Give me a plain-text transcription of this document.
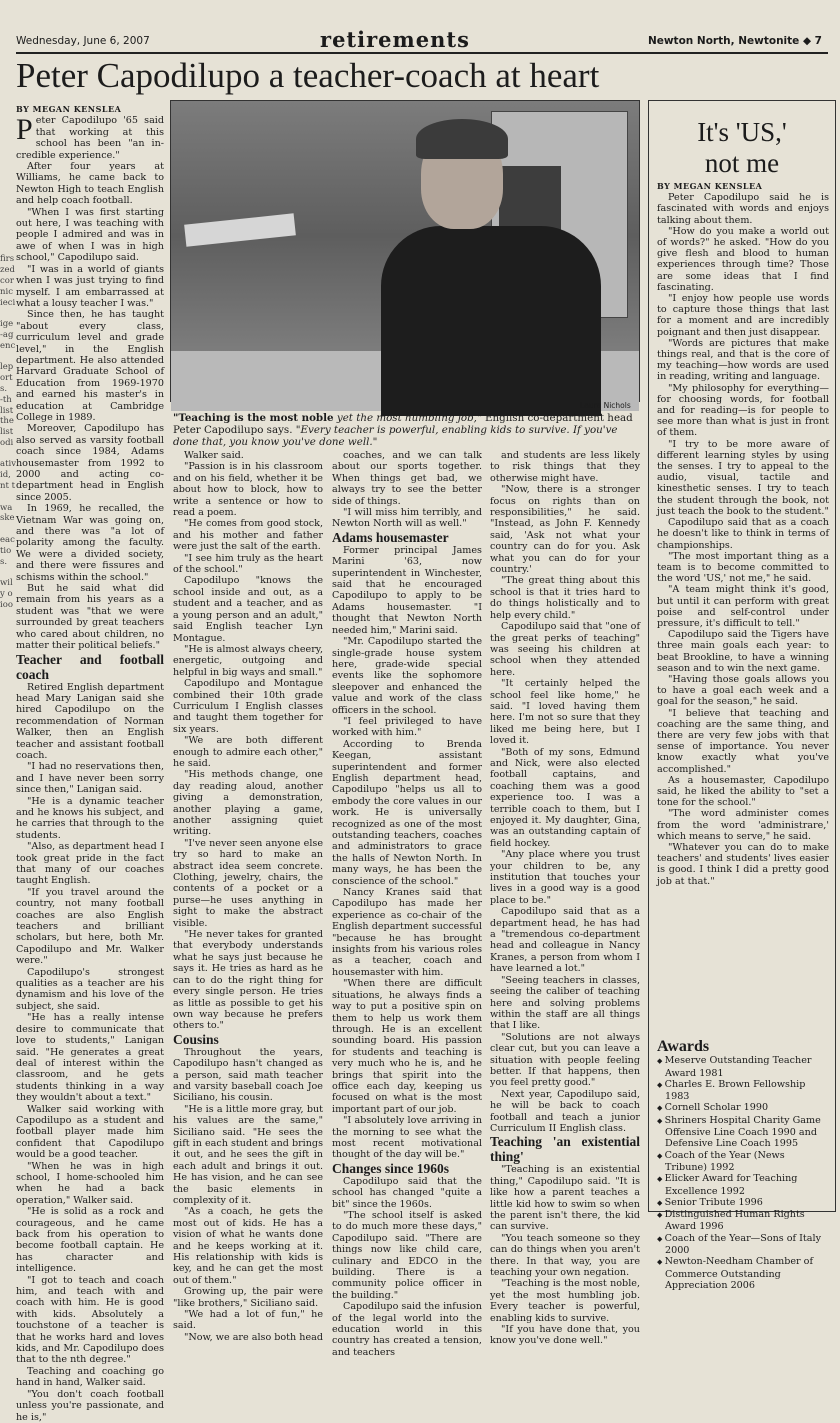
firs
zed
cor
nic
ieci

ige
-ag
enc

lep
ort
s.
-th
list
the
list
odi

ativ
id,
nt t

wa
ske

eac
tio
s.

wil
y o
ioo
Wednesday, June 6, 2007	retirements	Newton North, Newtonite ◆ 7
Peter Capodilupo a teacher-coach at heart

BY MEGAN KENSLEA

Peter Capodilupo '65 said that working at this school has been "an in-credible experience."

After four years at Williams, he came back to Newton High to teach English and help coach football.

"When I was first starting out here, I was teaching with people I admired and was in awe of when I was in high school," Capodilupo said.

"I was in a world of giants when I was just trying to find myself. I am embarrassed at what a lousy teacher I was."

Since then, he has taught "about every class, curriculum level and grade level," in the English department. He also attended Harvard Graduate School of Education from 1969-1970 and earned his master's in education at Cambridge College in 1989.

Moreover, Capodilupo has also served as varsity football coach since 1984, Adams housemaster from 1992 to 2000 and acting co-department head in English since 2005.

In 1969, he recalled, the Vietnam War was going on, and there was "a lot of polarity among the faculty. We were a divided society, and there were fissures and schisms within the school."

But he said what did remain from his years as a student was "that we were surrounded by great teachers who cared about children, no matter their political beliefs."

Teacher and football coach

Retired English department head Mary Lanigan said she hired Capodilupo on the recommendation of Norman Walker, then an English teacher and assistant football coach.

"I had no reservations then, and I have never been sorry since then," Lanigan said.

"He is a dynamic teacher and he knows his subject, and he carries that through to the students.

"Also, as department head I took great pride in the fact that many of our coaches taught English.

"If you travel around the country, not many football coaches are also English teachers and brilliant scholars, but here, both Mr. Capodilupo and Mr. Walker were."

Capodilupo's strongest qualities as a teacher are his dynamism and his love of the subject, she said.

"He has a really intense desire to communicate that love to students," Lanigan said. "He generates a great deal of interest within the classroom, and he gets students thinking in a way they wouldn't about a text."

Walker said working with Capodilupo as a student and football player made him confident that Capodilupo would be a good teacher.

"When he was in high school, I home-schooled him when he had a back operation," Walker said.

"He is solid as a rock and courageous, and he came back from his operation to become football captain. He has character and intelligence.

"I got to teach and coach him, and teach with and coach with him. He is good with kids. Absolutely a touchstone of a teacher is that he works hard and loves kids, and Mr. Capodilupo does that to the nth degree."

Teaching and coaching go hand in hand, Walker said.

"You don't coach football unless you're passionate, and he is,"

Laura Nichols
"Teaching is the most noble yet the most humbling job," English co-department head Peter Capodilupo says. "Every teacher is powerful, enabling kids to survive. If you've done that, you know you've done well."

Walker said.

"Passion is in his classroom and on his field, whether it be about how to block, how to write a sentence or how to read a poem.

"He comes from good stock, and his mother and father were just the salt of the earth.

"I see him truly as the heart of the school."

Capodilupo "knows the school inside and out, as a student and a teacher, and as a young person and an adult," said English teacher Lyn Montague.

"He is almost always cheery, energetic, outgoing and helpful in big ways and small."

Capodilupo and Montague combined their 10th grade Curriculum I English classes and taught them together for six years.

"We are both different enough to admire each other," he said.

"His methods change, one day reading aloud, another giving a demonstration, another playing a game, another assigning quiet writing.

"I've never seen anyone else try so hard to make an abstract idea seem concrete. Clothing, jewelry, chairs, the contents of a pocket or a purse—he uses anything in sight to make the abstract visible.

"He never takes for granted that everybody understands what he says just because he says it. He tries as hard as he can to do the right thing for every single person. He tries as little as possible to get his own way because he prefers others to."

Cousins

Throughout the years, Capodilupo hasn't changed as a person, said math teacher and varsity baseball coach Joe Siciliano, his cousin.

"He is a little more gray, but his values are the same," Siciliano said. "He sees the gift in each student and brings it out, and he sees the gift in each adult and brings it out. He has vision, and he can see the basic elements in complexity of it.

"As a coach, he gets the most out of kids. He has a vision of what he wants done and he keeps working at it. His relationship with kids is key, and he can get the most out of them."

Growing up, the pair were "like brothers," Siciliano said.

"We had a lot of fun," he said.

"Now, we are also both head

coaches, and we can talk about our sports together. When things get bad, we always try to see the better side of things.

"I will miss him terribly, and Newton North will as well."

Adams housemaster

Former principal James Marini '63, now superintendent in Winchester, said that he encouraged Capodilupo to apply to be Adams housemaster. "I thought that Newton North needed him," Marini said.

"Mr. Capodilupo started the single-grade house system here, grade-wide special events like the sophomore sleepover and enhanced the value and work of the class officers in the school.

"I feel privileged to have worked with him."

According to Brenda Keegan, assistant superintendent and former English department head, Capodilupo "helps us all to embody the core values in our work. He is universally recognized as one of the most outstanding teachers, coaches and administrators to grace the halls of Newton North. In many ways, he has been the conscience of the school."

Nancy Kranes said that Capodilupo has made her experience as co-chair of the English department successful "because he has brought insights from his various roles as a teacher, coach and housemaster with him.

"When there are difficult situations, he always finds a way to put a positive spin on them to help us work them through. He is an excellent sounding board. His passion for students and teaching is very much who he is, and he brings that spirit into the office each day, keeping us focused on what is the most important part of our job.

"I absolutely love arriving in the morning to see what the most recent motivational thought of the day will be."

Changes since 1960s

Capodilupo said that the school has changed "quite a bit" since the 1960s.

"The school itself is asked to do much more these days," Capodilupo said. "There are things now like child care, culinary and EDCO in the building. There is a community police officer in the building."

Capodilupo said the infusion of the legal world into the education world in this country has created a tension, and teachers

and students are less likely to risk things that they otherwise might have.

"Now, there is a stronger focus on rights than on responsibilities," he said. "Instead, as John F. Kennedy said, 'Ask not what your country can do for you. Ask what you can do for your country.'

"The great thing about this school is that it tries hard to do things holistically and to help every child."

Capodilupo said that "one of the great perks of teaching" was seeing his children at school when they attended here.

"It certainly helped the school feel like home," he said. "I loved having them here. I'm not so sure that they liked me being here, but I loved it.

"Both of my sons, Edmund and Nick, were also elected football captains, and coaching them was a good experience too. I was a terrible coach to them, but I enjoyed it. My daughter, Gina, was an outstanding captain of field hockey.

"Any place where you trust your children to be, any institution that touches your lives in a good way is a good place to be."

Capodilupo said that as a department head, he has had a "tremendous co-department head and colleague in Nancy Kranes, a person from whom I have learned a lot."

"Seeing teachers in classes, seeing the caliber of teaching here and solving problems within the staff are all things that I like.

"Solutions are not always clear cut, but you can leave a situation with people feeling better. If that happens, then you feel pretty good."

Next year, Capodilupo said, he will be back to coach football and teach a junior Curriculum II English class.

Teaching 'an existential thing'

"Teaching is an existential thing," Capodilupo said. "It is like how a parent teaches a little kid how to swim so when the parent isn't there, the kid can survive.

"You teach someone so they can do things when you aren't there. In that way, you are teaching your own negation.

"Teaching is the most noble, yet the most humbling job. Every teacher is powerful, enabling kids to survive.

"If you have done that, you know you've done well."

It's 'US,'
not me

BY MEGAN KENSLEA

Peter Capodilupo said he is fascinated with words and enjoys talking about them.

"How do you make a world out of words?" he asked. "How do you give flesh and blood to human experiences through time? Those are some ideas that I find fascinating.

"I enjoy how people use words to capture those things that last for a moment and are incredibly poignant and then just disappear.

"Words are pictures that make things real, and that is the core of my teaching—how words are used in reading, writing and language.

"My philosophy for everything—for choosing words, for football and for reading—is for people to see more than what is just in front of them.

"I try to be more aware of different learning styles by using the senses. I try to appeal to the audio, visual, tactile and kinesthetic senses. I try to teach the student through the book, not just teach the book to the student."

Capodilupo said that as a coach he doesn't like to think in terms of championships.

"The most important thing as a team is to become committed to the word 'US,' not me," he said.

"A team might think it's good, but until it can perform with great poise and self-control under pressure, it's difficult to tell."

Capodilupo said the Tigers have three main goals each year: to beat Brookline, to have a winning season and to win the next game.

"Having those goals allows you to have a goal each week and a goal for the season," he said.

"I believe that teaching and coaching are the same thing, and there are very few jobs with that sense of importance. You never know exactly what you've accomplished."

As a housemaster, Capodilupo said, he liked the ability to "set a tone for the school."

"The word administer comes from the word 'administrare,' which means to serve," he said.

"Whatever you can do to make teachers' and students' lives easier is good. I think I did a pretty good job at that."

Awards
◆ Meserve Outstanding Teacher Award 1981
◆ Charles E. Brown Fellowship 1983
◆ Cornell Scholar 1990
◆ Shriners Hospital Charity Game Offensive Line Coach 1990 and Defensive Line Coach 1995
◆ Coach of the Year (News Tribune) 1992
◆ Elicker Award for Teaching Excellence 1992
◆ Senior Tribute 1996
◆ Distinguished Human Rights Award 1996
◆ Coach of the Year—Sons of Italy 2000
◆ Newton-Needham Chamber of Commerce Outstanding Appreciation 2006
